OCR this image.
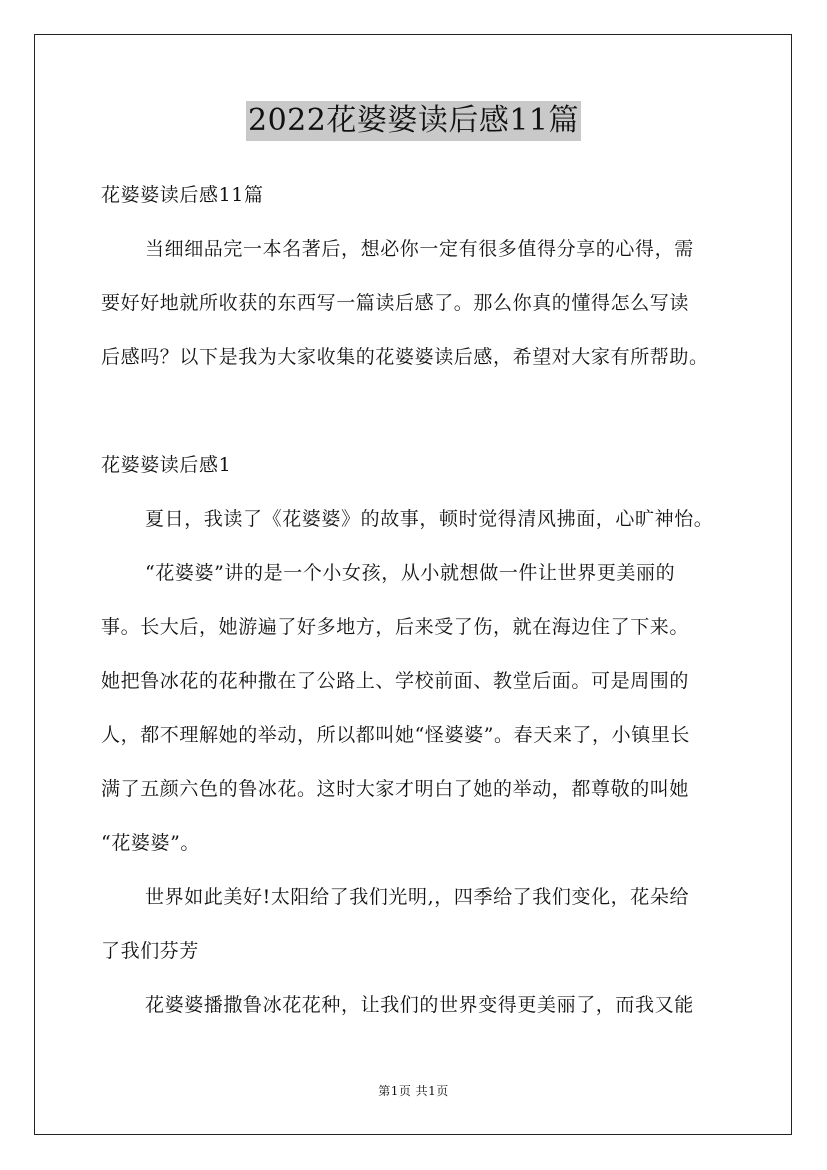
2022花婆婆读后感11篇
花婆婆读后感11篇
当细细品完一本名著后，想必你一定有很多值得分享的心得，需
要好好地就所收获的东西写一篇读后感了。那么你真的懂得怎么写读
后感吗？以下是我为大家收集的花婆婆读后感，希望对大家有所帮助。
花婆婆读后感1
夏日，我读了《花婆婆》的故事，顿时觉得清风拂面，心旷神怡。
“花婆婆”讲的是一个小女孩，从小就想做一件让世界更美丽的
事。长大后，她游遍了好多地方，后来受了伤，就在海边住了下来。
她把鲁冰花的花种撒在了公路上、学校前面、教堂后面。可是周围的
人，都不理解她的举动，所以都叫她“怪婆婆”。春天来了，小镇里长
满了五颜六色的鲁冰花。这时大家才明白了她的举动，都尊敬的叫她
“花婆婆”。
世界如此美好!太阳给了我们光明,，四季给了我们变化，花朵给
了我们芬芳
花婆婆播撒鲁冰花花种，让我们的世界变得更美丽了，而我又能
第1页 共1页
